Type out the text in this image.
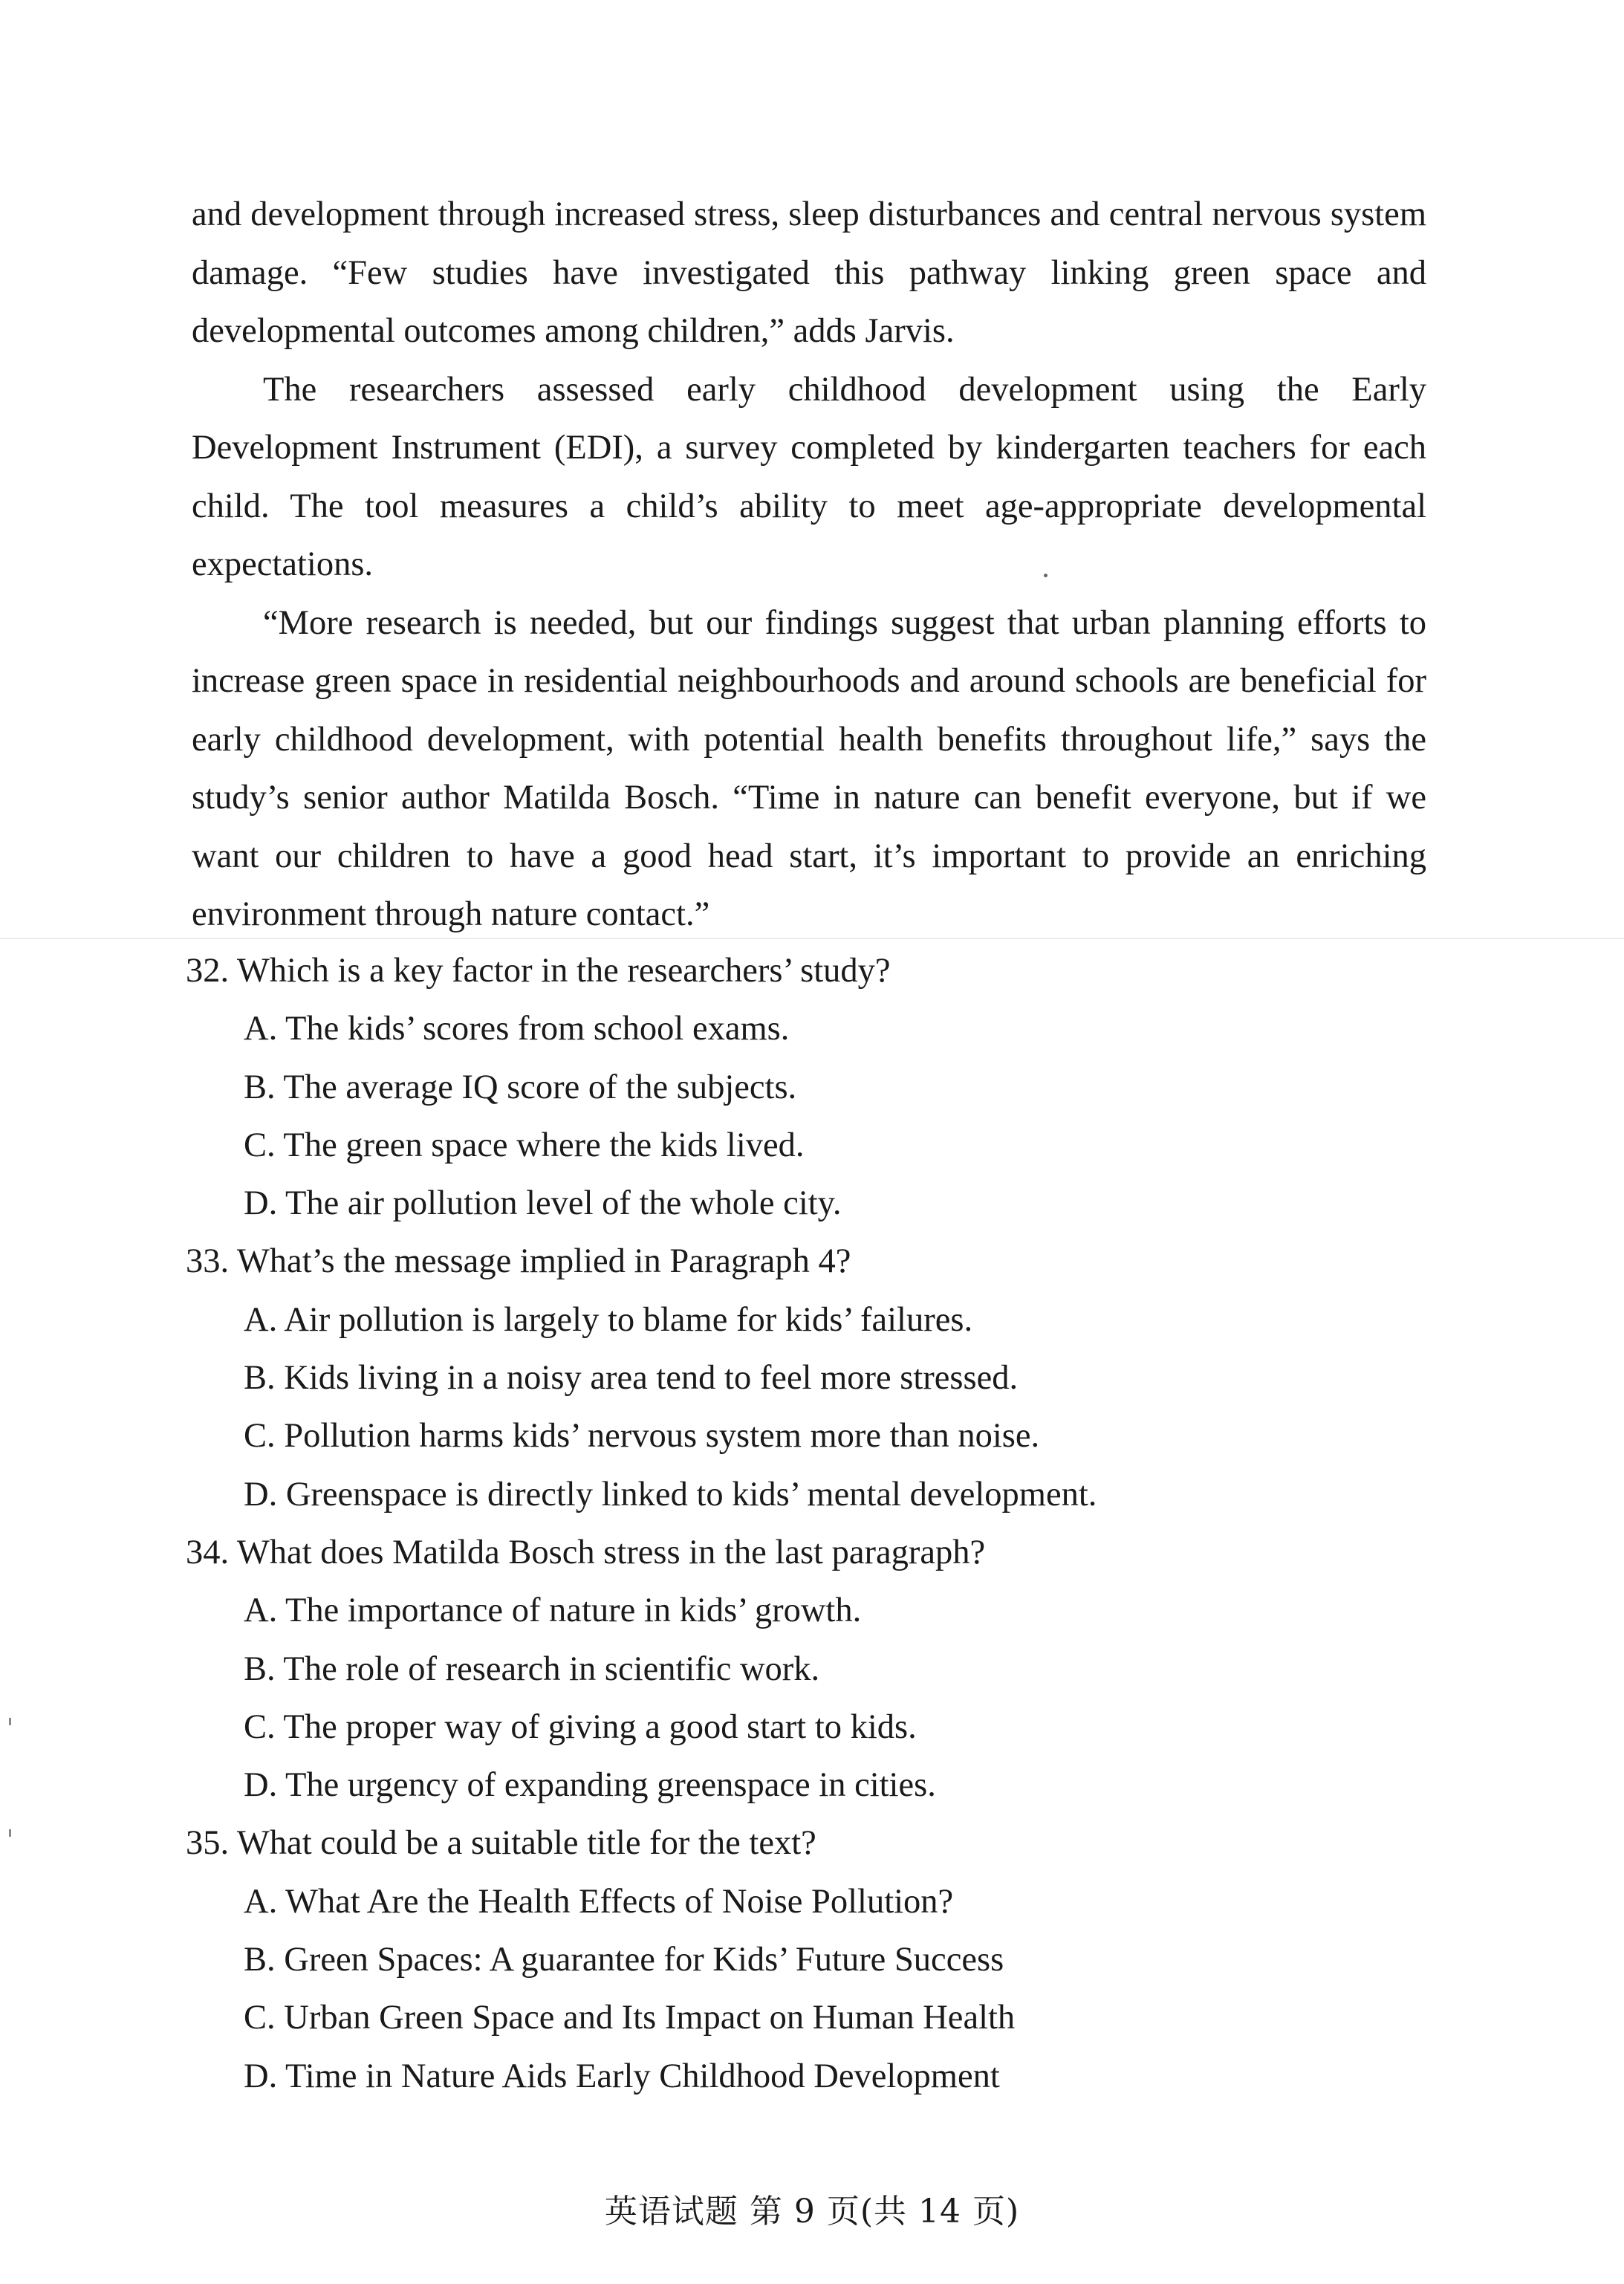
and development through increased stress, sleep disturbances and central nervous system damage. “Few studies have investigated this pathway linking green space and developmental outcomes among children,” adds Jarvis.

The researchers assessed early childhood development using the Early Development Instrument (EDI), a survey completed by kindergarten teachers for each child. The tool measures a child’s ability to meet age-appropriate developmental expectations.

“More research is needed, but our findings suggest that urban planning efforts to increase green space in residential neighbourhoods and around schools are beneficial for early childhood development, with potential health benefits throughout life,” says the study’s senior author Matilda Bosch. “Time in nature can benefit everyone, but if we want our children to have a good head start, it’s important to provide an enriching environment through nature contact.”

32. Which is a key factor in the researchers’ study?
A. The kids’ scores from school exams.
B. The average IQ score of the subjects.
C. The green space where the kids lived.
D. The air pollution level of the whole city.
33. What’s the message implied in Paragraph 4?
A. Air pollution is largely to blame for kids’ failures.
B. Kids living in a noisy area tend to feel more stressed.
C. Pollution harms kids’ nervous system more than noise.
D. Greenspace is directly linked to kids’ mental development.
34. What does Matilda Bosch stress in the last paragraph?
A. The importance of nature in kids’ growth.
B. The role of research in scientific work.
C. The proper way of giving a good start to kids.
D. The urgency of expanding greenspace in cities.
35. What could be a suitable title for the text?
A. What Are the Health Effects of Noise Pollution?
B. Green Spaces: A guarantee for Kids’ Future Success
C. Urban Green Space and Its Impact on Human Health
D. Time in Nature Aids Early Childhood Development
英语试题 第 9 页(共 14 页)
